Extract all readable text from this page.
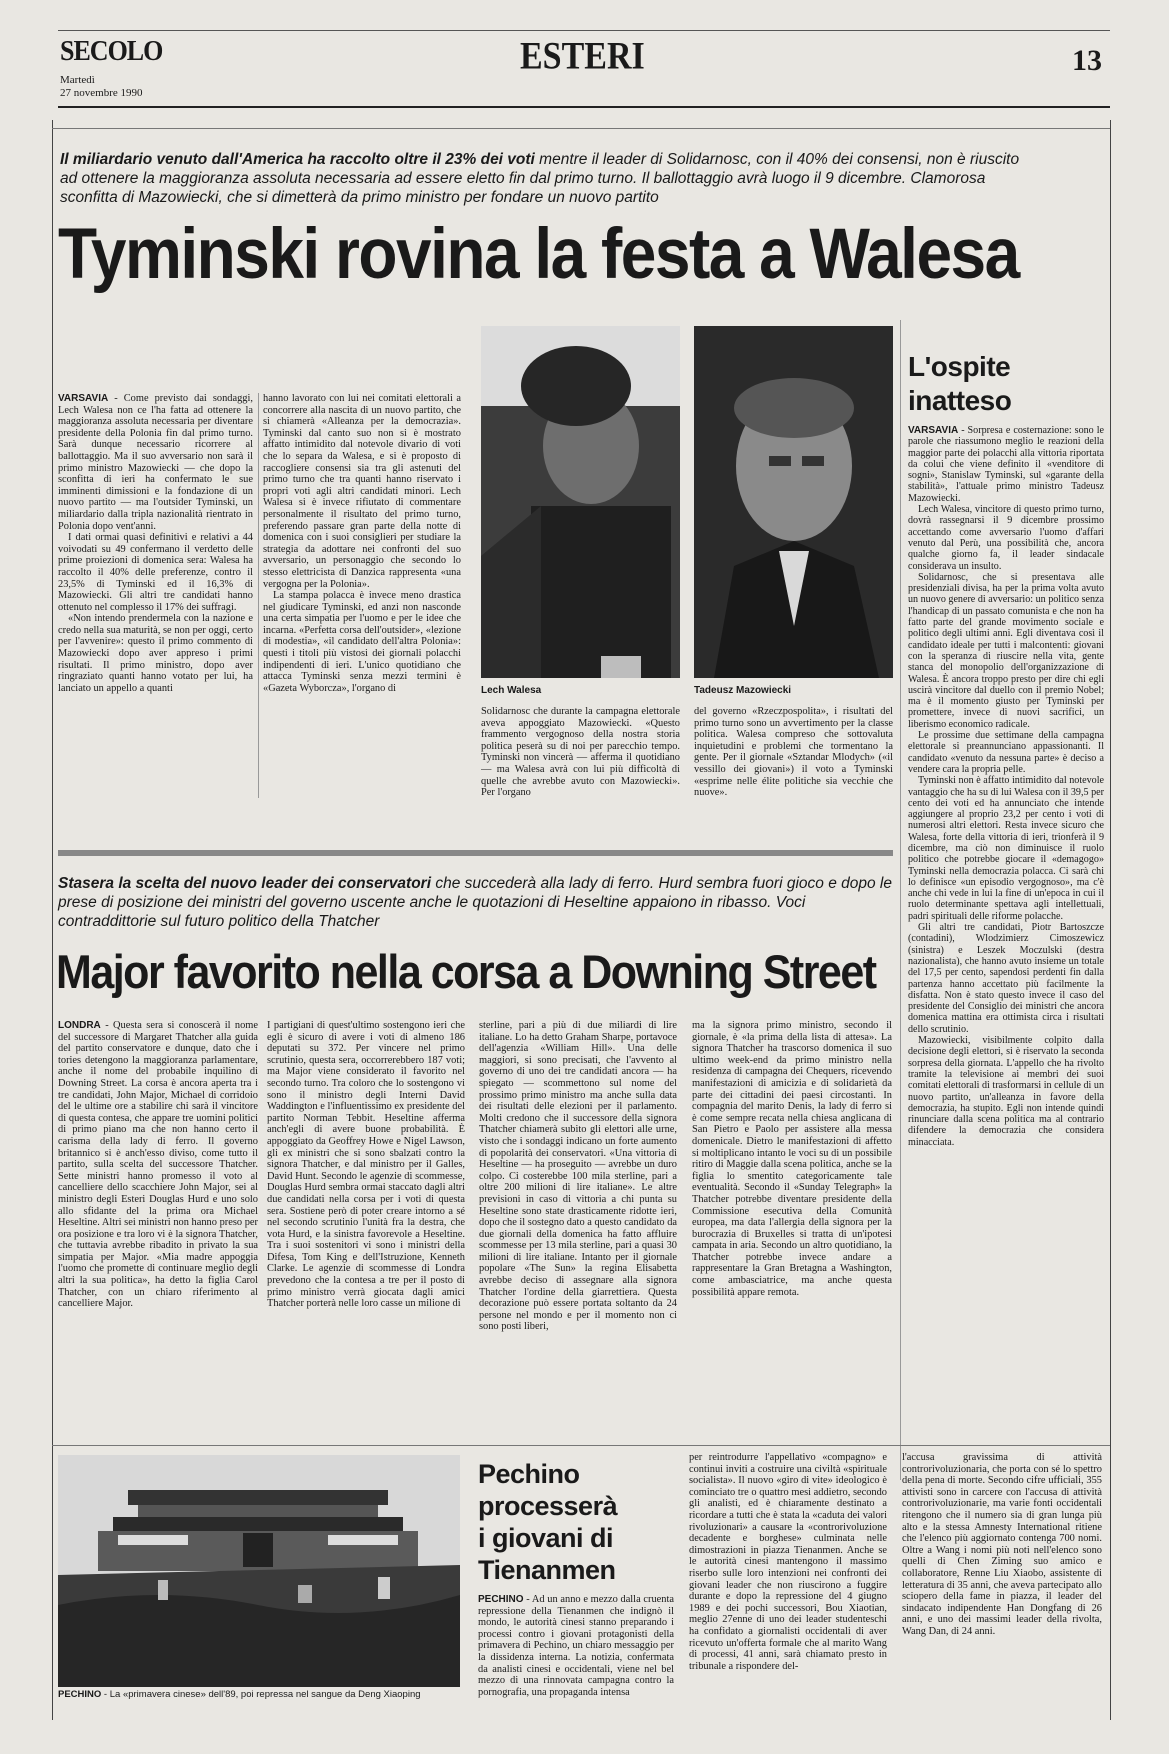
SECOLO
Martedì
27 novembre 1990
ESTERI	13
Il miliardario venuto dall'America ha raccolto oltre il 23% dei voti mentre il leader di Solidarnosc, con il 40% dei consensi, non è riuscito ad ottenere la maggioranza assoluta necessaria ad essere eletto fin dal primo turno. Il ballottaggio avrà luogo il 9 dicembre. Clamorosa sconfitta di Mazowiecki, che si dimetterà da primo ministro per fondare un nuovo partito
Tyminski rovina la festa a Walesa

VARSAVIA - Come previsto dai sondaggi, Lech Walesa non ce l'ha fatta ad ottenere la maggioranza assoluta necessaria per diventare presidente della Polonia fin dal primo turno. Sarà dunque necessario ricorrere al ballottaggio. Ma il suo avversario non sarà il primo ministro Mazowiecki — che dopo la sconfitta di ieri ha confermato le sue imminenti dimissioni e la fondazione di un nuovo partito — ma l'outsider Tyminski, un miliardario dalla tripla nazionalità rientrato in Polonia dopo vent'anni.

I dati ormai quasi definitivi e relativi a 44 voivodati su 49 confermano il verdetto delle prime proiezioni di domenica sera: Walesa ha raccolto il 40% delle preferenze, contro il 23,5% di Tyminski ed il 16,3% di Mazowiecki. Gli altri tre candidati hanno ottenuto nel complesso il 17% dei suffragi.

«Non intendo prendermela con la nazione e credo nella sua maturità, se non per oggi, certo per l'avvenire»: questo il primo commento di Mazowiecki dopo aver appreso i primi risultati. Il primo ministro, dopo aver ringraziato quanti hanno votato per lui, ha lanciato un appello a quanti

hanno lavorato con lui nei comitati elettorali a concorrere alla nascita di un nuovo partito, che si chiamerà «Alleanza per la democrazia». Tyminski dal canto suo non si è mostrato affatto intimidito dal notevole divario di voti che lo separa da Walesa, e si è proposto di raccogliere consensi sia tra gli astenuti del primo turno che tra quanti hanno riservato i propri voti agli altri candidati minori. Lech Walesa si è invece rifiutato di commentare personalmente il risultato del primo turno, preferendo passare gran parte della notte di domenica con i suoi consiglieri per studiare la strategia da adottare nei confronti del suo avversario, un personaggio che secondo lo stesso elettricista di Danzica rappresenta «una vergogna per la Polonia».

La stampa polacca è invece meno drastica nel giudicare Tyminski, ed anzi non nasconde una certa simpatia per l'uomo e per le idee che incarna. «Perfetta corsa dell'outsider», «lezione di modestia», «il candidato dell'altra Polonia»: questi i titoli più vistosi dei giornali polacchi indipendenti di ieri. L'unico quotidiano che attacca Tyminski senza mezzi termini è «Gazeta Wyborcza», l'organo di	Lech Walesa	Tadeusz Mazowiecki

Solidarnosc che durante la campagna elettorale aveva appoggiato Mazowiecki. «Questo frammento vergognoso della nostra storia politica peserà su di noi per parecchio tempo. Tyminski non vincerà — afferma il quotidiano — ma Walesa avrà con lui più difficoltà di quelle che avrebbe avuto con Mazowiecki». Per l'organo

del governo «Rzeczpospolita», i risultati del primo turno sono un avvertimento per la classe politica. Walesa compreso che sottovaluta inquietudini e problemi che tormentano la gente. Per il giornale «Sztandar Mlodych» («il vessillo dei giovani») il voto a Tyminski «esprime nelle élite politiche sia vecchie che nuove».

L'ospite
inatteso

VARSAVIA - Sorpresa e costernazione: sono le parole che riassumono meglio le reazioni della maggior parte dei polacchi alla vittoria riportata da colui che viene definito il «venditore di sogni», Stanislaw Tyminski, sul «garante della stabilità», l'attuale primo ministro Tadeusz Mazowiecki.

Lech Walesa, vincitore di questo primo turno, dovrà rassegnarsi il 9 dicembre prossimo accettando come avversario l'uomo d'affari venuto dal Perù, una possibilità che, ancora qualche giorno fa, il leader sindacale considerava un insulto.

Solidarnosc, che si presentava alle presidenziali divisa, ha per la prima volta avuto un nuovo genere di avversario: un politico senza l'handicap di un passato comunista e che non ha fatto parte del grande movimento sociale e politico degli ultimi anni. Egli diventava così il candidato ideale per tutti i malcontenti: giovani con la speranza di riuscire nella vita, gente stanca del monopolio dell'organizzazione di Walesa. È ancora troppo presto per dire chi egli uscirà vincitore dal duello con il premio Nobel; ma è il momento giusto per Tyminski per promettere, invece di nuovi sacrifici, un liberismo economico radicale.

Le prossime due settimane della campagna elettorale si preannunciano appassionanti. Il candidato «venuto da nessuna parte» è deciso a vendere cara la propria pelle.

Tyminski non è affatto intimidito dal notevole vantaggio che ha su di lui Walesa con il 39,5 per cento dei voti ed ha annunciato che intende aggiungere al proprio 23,2 per cento i voti di numerosi altri elettori. Resta invece sicuro che Walesa, forte della vittoria di ieri, trionferà il 9 dicembre, ma ciò non diminuisce il ruolo politico che potrebbe giocare il «demagogo» Tyminski nella democrazia polacca. Ci sarà chi lo definisce «un episodio vergognoso», ma c'è anche chi vede in lui la fine di un'epoca in cui il ruolo determinante spettava agli intellettuali, padri spirituali delle riforme polacche.

Gli altri tre candidati, Piotr Bartoszcze (contadini), Wlodzimierz Cimoszewicz (sinistra) e Leszek Moczulski (destra nazionalista), che hanno avuto insieme un totale del 17,5 per cento, sapendosi perdenti fin dalla partenza hanno accettato più facilmente la disfatta. Non è stato questo invece il caso del presidente del Consiglio dei ministri che ancora domenica mattina era ottimista circa i risultati dello scrutinio.

Mazowiecki, visibilmente colpito dalla decisione degli elettori, si è riservato la seconda sorpresa della giornata. L'appello che ha rivolto tramite la televisione ai membri dei suoi comitati elettorali di trasformarsi in cellule di un nuovo partito, un'alleanza in favore della democrazia, ha stupito. Egli non intende quindi rinunciare dalla scena politica ma al contrario difendere la democrazia che considera minacciata.

Stasera la scelta del nuovo leader dei conservatori che succederà alla lady di ferro. Hurd sembra fuori gioco e dopo le prese di posizione dei ministri del governo uscente anche le quotazioni di Heseltine appaiono in ribasso. Voci contraddittorie sul futuro politico della Thatcher
Major favorito nella corsa a Downing Street

LONDRA - Questa sera si conoscerà il nome del successore di Margaret Thatcher alla guida del partito conservatore e dunque, dato che i tories detengono la maggioranza parlamentare, anche il nome del probabile inquilino di Downing Street. La corsa è ancora aperta tra i tre candidati, John Major, Michael di corridoio del le ultime ore a stabilire chi sarà il vincitore di questa contesa, che appare tre uomini politici di primo piano ma che non hanno certo il carisma della lady di ferro. Il governo britannico si è anch'esso diviso, come tutto il partito, sulla scelta del successore Thatcher. Sette ministri hanno promesso il voto al cancelliere dello scacchiere John Major, sei al ministro degli Esteri Douglas Hurd e uno solo allo sfidante del la prima ora Michael Heseltine. Altri sei ministri non hanno preso per ora posizione e tra loro vi è la signora Thatcher, che tuttavia avrebbe ribadito in privato la sua simpatia per Major. «Mia madre appoggia l'uomo che promette di continuare meglio degli altri la sua politica», ha detto la figlia Carol Thatcher, con un chiaro riferimento al cancelliere Major.

I partigiani di quest'ultimo sostengono ieri che egli è sicuro di avere i voti di almeno 186 deputati su 372. Per vincere nel primo scrutinio, questa sera, occorrerebbero 187 voti; ma Major viene considerato il favorito nel secondo turno. Tra coloro che lo sostengono vi sono il ministro degli Interni David Waddington e l'influentissimo ex presidente del partito Norman Tebbit. Heseltine afferma anch'egli di avere buone probabilità. È appoggiato da Geoffrey Howe e Nigel Lawson, gli ex ministri che si sono sbalzati contro la signora Thatcher, e dal ministro per il Galles, David Hunt. Secondo le agenzie di scommesse, Douglas Hurd sembra ormai staccato dagli altri due candidati nella corsa per i voti di questa sera. Sostiene però di poter creare intorno a sé nel secondo scrutinio l'unità fra la destra, che vota Hurd, e la sinistra favorevole a Heseltine. Tra i suoi sostenitori vi sono i ministri della Difesa, Tom King e dell'Istruzione, Kenneth Clarke. Le agenzie di scommesse di Londra prevedono che la contesa a tre per il posto di primo ministro verrà giocata dagli amici Thatcher porterà nelle loro casse un milione di

sterline, pari a più di due miliardi di lire italiane. Lo ha detto Graham Sharpe, portavoce dell'agenzia «William Hill». Una delle maggiori, si sono precisati, che l'avvento al governo di uno dei tre candidati ancora — ha spiegato — scommettono sul nome del prossimo primo ministro ma anche sulla data dei risultati delle elezioni per il parlamento. Molti credono che il successore della signora Thatcher chiamerà subito gli elettori alle urne, visto che i sondaggi indicano un forte aumento di popolarità dei conservatori. «Una vittoria di Heseltine — ha proseguito — avrebbe un duro colpo. Ci costerebbe 100 mila sterline, pari a oltre 200 milioni di lire italiane». Le altre previsioni in caso di vittoria a chi punta su Heseltine sono state drasticamente ridotte ieri, dopo che il sostegno dato a questo candidato da due giornali della domenica ha fatto affluire scommesse per 13 mila sterline, pari a quasi 30 milioni di lire italiane. Intanto per il giornale popolare «The Sun» la regina Elisabetta avrebbe deciso di assegnare alla signora Thatcher l'ordine della giarrettiera. Questa decorazione può essere portata soltanto da 24 persone nel mondo e per il momento non ci sono posti liberi,

ma la signora primo ministro, secondo il giornale, è «la prima della lista di attesa». La signora Thatcher ha trascorso domenica il suo ultimo week-end da primo ministro nella residenza di campagna dei Chequers, ricevendo manifestazioni di amicizia e di solidarietà da parte dei cittadini dei paesi circostanti. In compagnia del marito Denis, la lady di ferro si è come sempre recata nella chiesa anglicana di San Pietro e Paolo per assistere alla messa domenicale. Dietro le manifestazioni di affetto si moltiplicano intanto le voci su di un possibile ritiro di Maggie dalla scena politica, anche se la figlia lo smentito categoricamente tale eventualità. Secondo il «Sunday Telegraph» la Thatcher potrebbe diventare presidente della Commissione esecutiva della Comunità europea, ma data l'allergia della signora per la burocrazia di Bruxelles si tratta di un'ipotesi campata in aria. Secondo un altro quotidiano, la Thatcher potrebbe invece andare a rappresentare la Gran Bretagna a Washington, come ambasciatrice, ma anche questa possibilità appare remota.

PECHINO - La «primavera cinese» dell'89, poi repressa nel sangue da Deng Xiaoping
Pechino
processerà
i giovani di
Tienanmen

PECHINO - Ad un anno e mezzo dalla cruenta repressione della Tienanmen che indignò il mondo, le autorità cinesi stanno preparando i processi contro i giovani protagonisti della primavera di Pechino, un chiaro messaggio per la dissidenza interna. La notizia, confermata da analisti cinesi e occidentali, viene nel bel mezzo di una rinnovata campagna contro la pornografia, una propaganda intensa

per reintrodurre l'appellativo «compagno» e continui inviti a costruire una civiltà «spirituale socialista». Il nuovo «giro di vite» ideologico è cominciato tre o quattro mesi addietro, secondo gli analisti, ed è chiaramente destinato a ricordare a tutti che è stata la «caduta dei valori rivoluzionari» a causare la «controrivoluzione decadente e borghese» culminata nelle dimostrazioni in piazza Tienanmen. Anche se le autorità cinesi mantengono il massimo riserbo sulle loro intenzioni nei confronti dei giovani leader che non riuscirono a fuggire durante e dopo la repressione del 4 giugno 1989 e dei pochi successori, Bou Xiaotian, meglio 27enne di uno dei leader studenteschi ha confidato a giornalisti occidentali di aver ricevuto un'offerta formale che al marito Wang di processi, 41 anni, sarà chiamato presto in tribunale a rispondere del-

l'accusa gravissima di attività controrivoluzionaria, che porta con sé lo spettro della pena di morte. Secondo cifre ufficiali, 355 attivisti sono in carcere con l'accusa di attività controrivoluzionarie, ma varie fonti occidentali ritengono che il numero sia di gran lunga più alto e la stessa Amnesty International ritiene che l'elenco più aggiornato contenga 700 nomi. Oltre a Wang i nomi più noti nell'elenco sono quelli di Chen Ziming suo amico e collaboratore, Renne Liu Xiaobo, assistente di letteratura di 35 anni, che aveva partecipato allo sciopero della fame in piazza, il leader del sindacato indipendente Han Dongfang di 26 anni, e uno dei massimi leader della rivolta, Wang Dan, di 24 anni.
